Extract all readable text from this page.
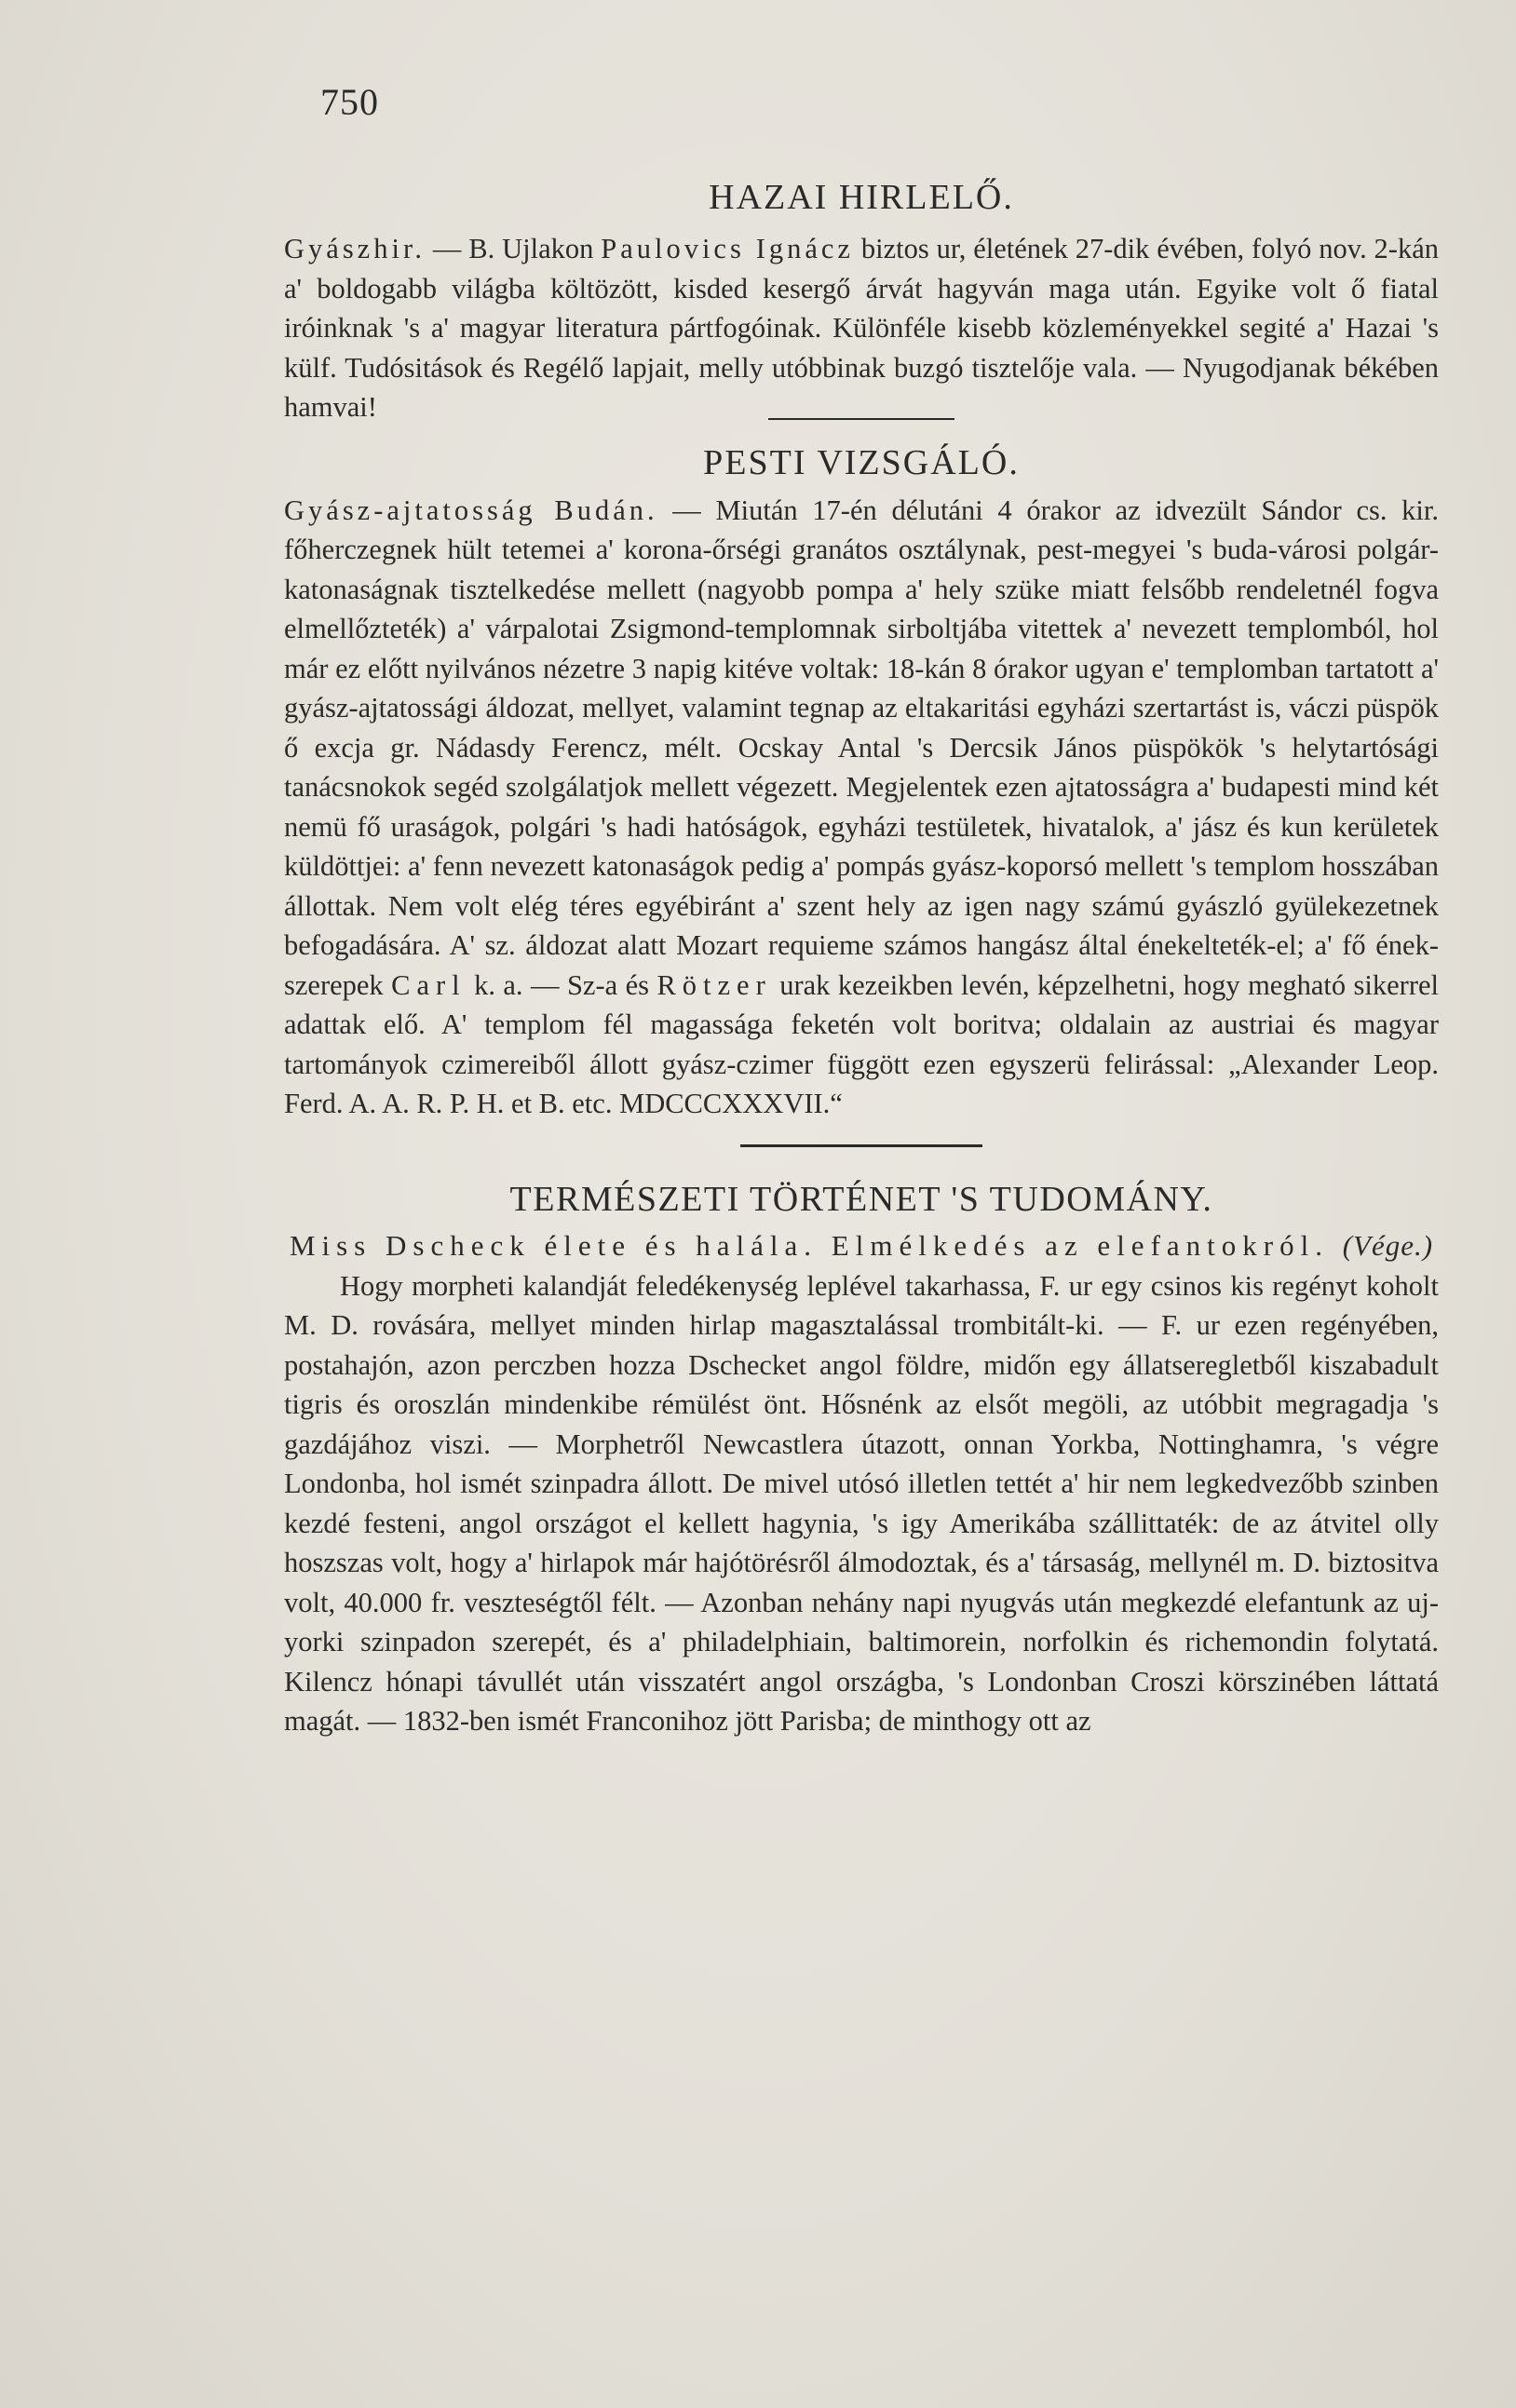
750
HAZAI HIRLELŐ.

Gyászhir. — B. Ujlakon Paulovics Ignácz biztos ur, életének 27-dik évében, folyó nov. 2-kán a' boldogabb világba költözött, kisded kesergő árvát hagyván maga után. Egyike volt ő fiatal iróinknak 's a' magyar literatura pártfogóinak. Különféle kisebb közleményekkel segité a' Hazai 's külf. Tudósitások és Regélő lapjait, melly utóbbinak buzgó tisztelője vala. — Nyugodjanak békében hamvai!

PESTI VIZSGÁLÓ.

Gyász-ajtatosság Budán. — Miután 17-én délutáni 4 órakor az idvezült Sándor cs. kir. főherczegnek hült tetemei a' korona-őrségi granátos osztálynak, pest-megyei 's buda-városi polgár-katonaságnak tisztelkedése mellett (nagyobb pompa a' hely szüke miatt felsőbb rendeletnél fogva elmellőzteték) a' várpalotai Zsigmond-templomnak sirboltjába vitettek a' nevezett templomból, hol már ez előtt nyilvános nézetre 3 napig kitéve voltak: 18-kán 8 órakor ugyan e' templomban tartatott a' gyász-ajtatossági áldozat, mellyet, valamint tegnap az eltakaritási egyházi szertartást is, váczi püspök ő excja gr. Nádasdy Ferencz, mélt. Ocskay Antal 's Dercsik János püspökök 's helytartósági tanácsnokok segéd szolgálatjok mellett végezett. Megjelentek ezen ajtatosságra a' budapesti mind két nemü fő uraságok, polgári 's hadi hatóságok, egyházi testületek, hivatalok, a' jász és kun kerületek küldöttjei: a' fenn nevezett katonaságok pedig a' pompás gyász-koporsó mellett 's templom hosszában állottak. Nem volt elég téres egyébiránt a' szent hely az igen nagy számú gyászló gyülekezetnek befogadására. A' sz. áldozat alatt Mozart requieme számos hangász által énekelteték-el; a' fő ének-szerepek Carl k. a. — Sz-a és Rötzer urak kezeikben levén, képzelhetni, hogy megható sikerrel adattak elő. A' templom fél magassága feketén volt boritva; oldalain az austriai és magyar tartományok czimereiből állott gyász-czimer függött ezen egyszerü felirással: „Alexander Leop. Ferd. A. A. R. P. H. et B. etc. MDCCCXXXVII.“

TERMÉSZETI TÖRTÉNET 'S TUDOMÁNY.
Miss Dscheck élete és halála. Elmélkedés az elefantokról. (Vége.)

Hogy morpheti kalandját feledékenység leplével takarhassa, F. ur egy csinos kis regényt koholt M. D. rovására, mellyet minden hirlap magasztalással trombitált-ki. — F. ur ezen regényében, postahajón, azon perczben hozza Dschecket angol földre, midőn egy állatseregletből kiszabadult tigris és oroszlán mindenkibe rémülést önt. Hősnénk az elsőt megöli, az utóbbit megragadja 's gazdájához viszi. — Morphetről Newcastlera útazott, onnan Yorkba, Nottinghamra, 's végre Londonba, hol ismét szinpadra állott. De mivel utósó illetlen tettét a' hir nem legkedvezőbb szinben kezdé festeni, angol országot el kellett hagynia, 's igy Amerikába szállittaték: de az átvitel olly hoszszas volt, hogy a' hirlapok már hajótörésről álmodoztak, és a' társaság, mellynél m. D. biztositva volt, 40.000 fr. veszteségtől félt. — Azonban nehány napi nyugvás után megkezdé elefantunk az uj-yorki szinpadon szerepét, és a' philadelphiain, baltimorein, norfolkin és richemondin folytatá. Kilencz hónapi távullét után visszatért angol országba, 's Londonban Croszi körszinében láttatá magát. — 1832-ben ismét Franconihoz jött Parisba; de minthogy ott az
